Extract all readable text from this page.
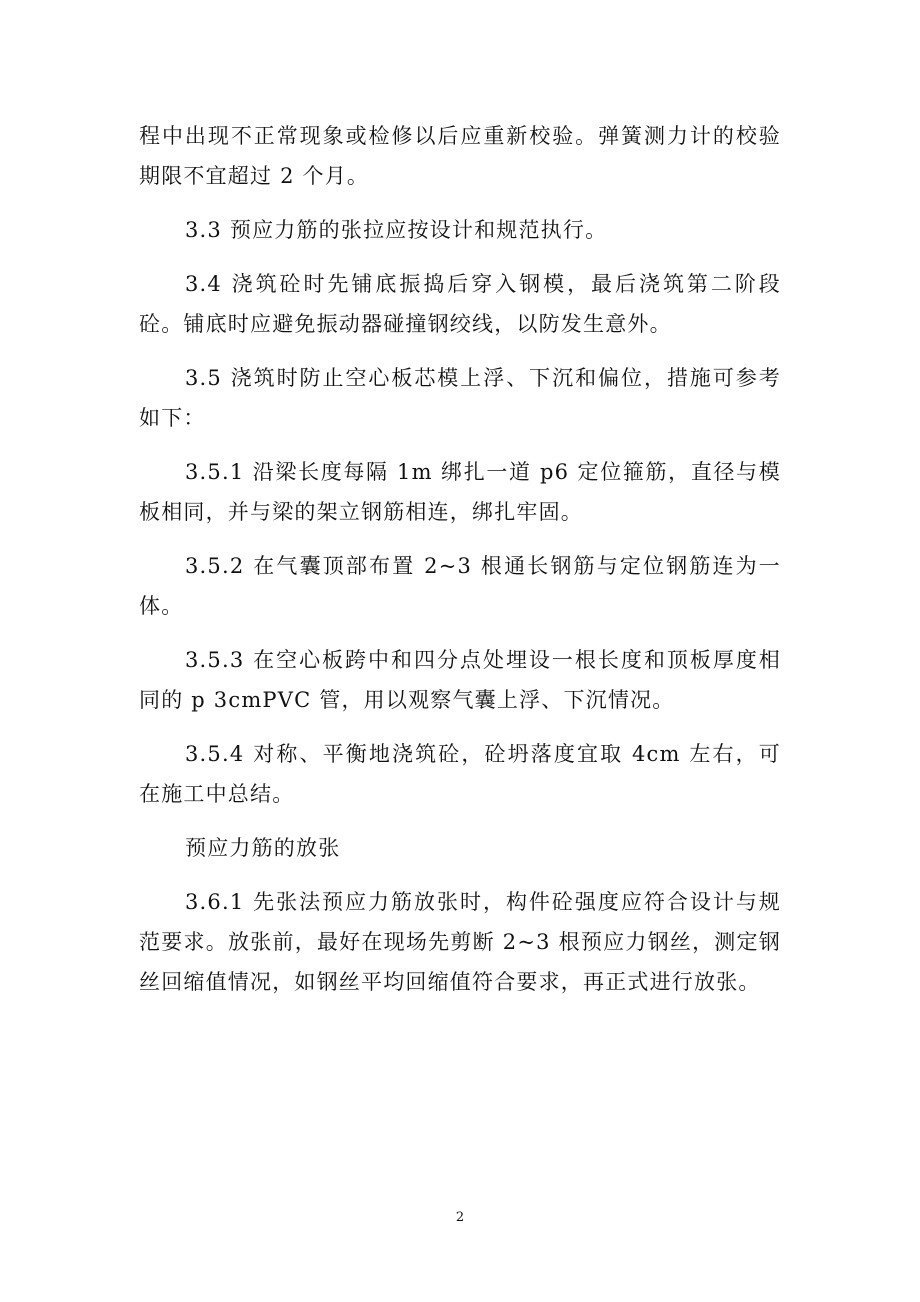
程中出现不正常现象或检修以后应重新校验。弹簧测力计的校验期限不宜超过 2 个月。

3.3 预应力筋的张拉应按设计和规范执行。

3.4 浇筑砼时先铺底振捣后穿入钢模，最后浇筑第二阶段砼。铺底时应避免振动器碰撞钢绞线，以防发生意外。

3.5 浇筑时防止空心板芯模上浮、下沉和偏位，措施可参考如下：

3.5.1 沿梁长度每隔 1m 绑扎一道 p6 定位箍筋，直径与模板相同，并与梁的架立钢筋相连，绑扎牢固。

3.5.2 在气囊顶部布置 2~3 根通长钢筋与定位钢筋连为一体。

3.5.3 在空心板跨中和四分点处埋设一根长度和顶板厚度相同的 p 3cmPVC 管，用以观察气囊上浮、下沉情况。

3.5.4 对称、平衡地浇筑砼，砼坍落度宜取 4cm 左右，可在施工中总结。

预应力筋的放张

3.6.1 先张法预应力筋放张时，构件砼强度应符合设计与规范要求。放张前，最好在现场先剪断 2~3 根预应力钢丝，测定钢丝回缩值情况，如钢丝平均回缩值符合要求，再正式进行放张。

2
